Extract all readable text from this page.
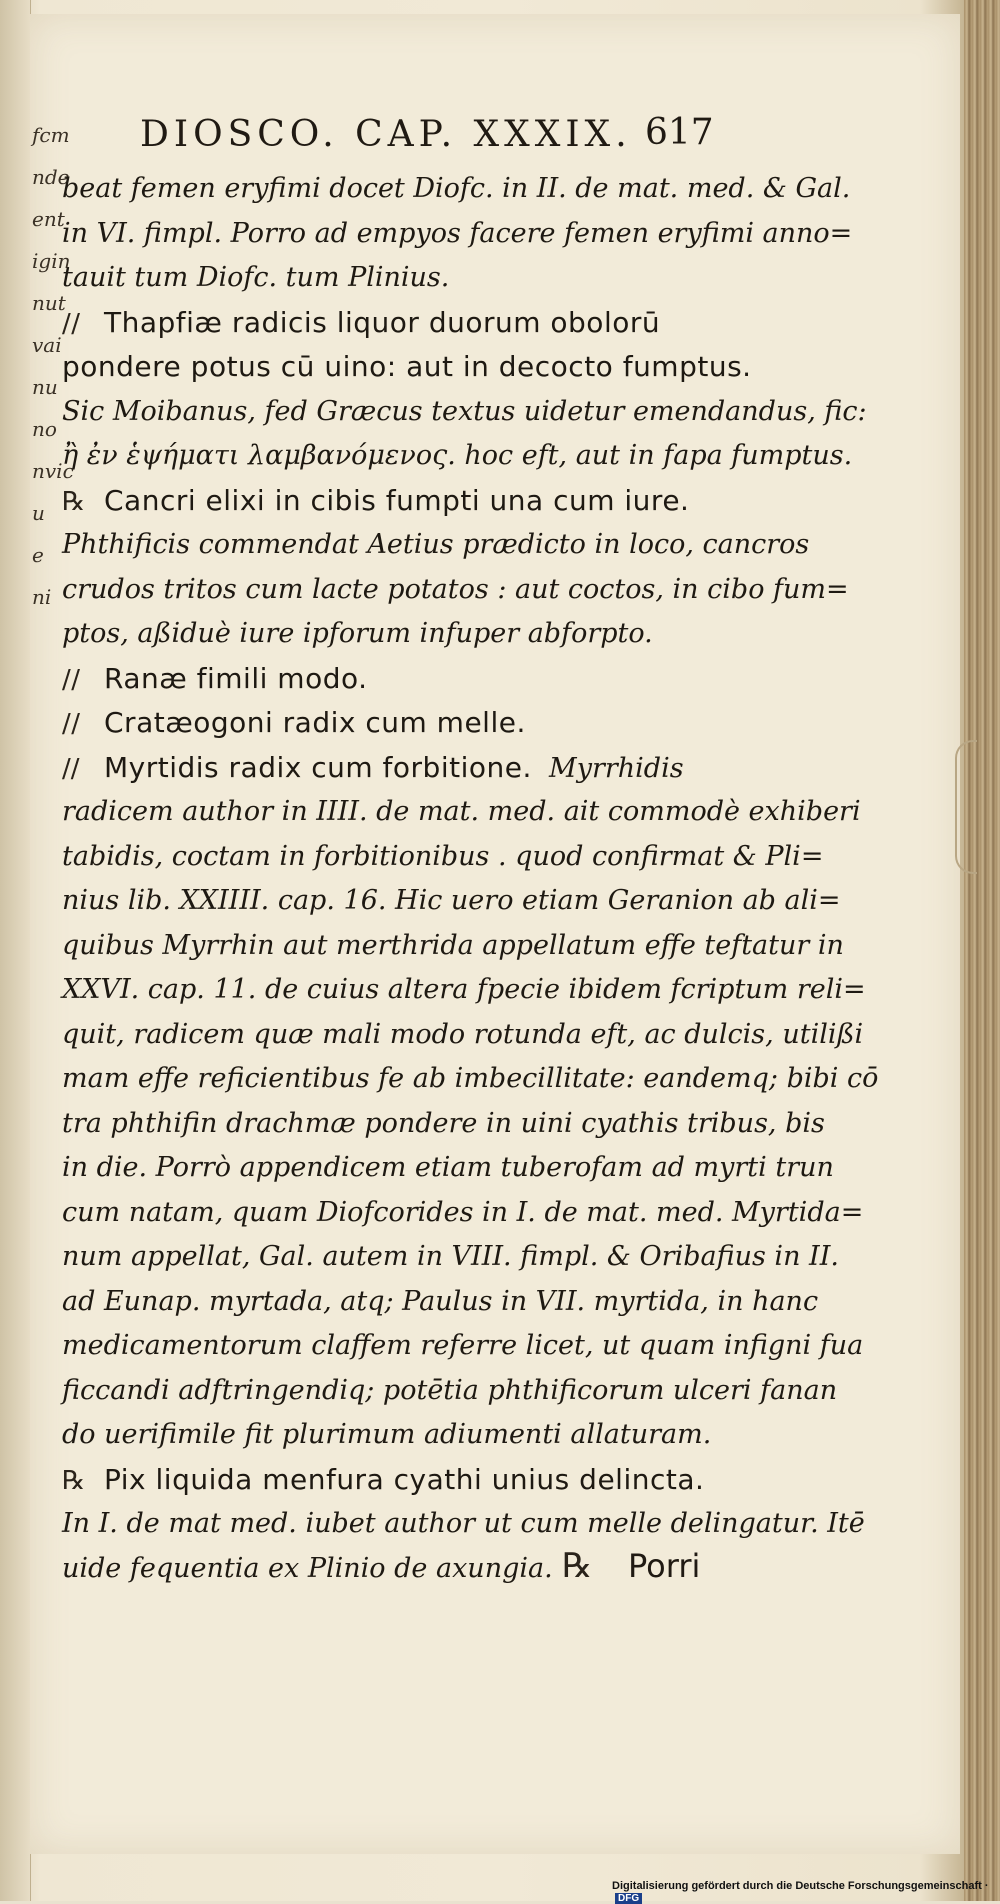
fcm
nde
ent
igin
nut
vai
nu
no
nvic
u
e
ni
DIOSCO. CAP. XXXIX. 617
beat femen eryfimi docet Diofc. in II. de mat. med. & Gal.
in VI. fimpl. Porro ad empyos facere femen eryfimi anno=
tauit tum Diofc. tum Plinius.
// Thapfiæ radicis liquor duorum obolorū
pondere potus cū uino: aut in decocto fumptus.
Sic Moibanus, fed Græcus textus uidetur emendandus, fic:
ἢ ἐν ἑψήματι λαμβανόμενος. hoc eft, aut in fapa fumptus.
℞ Cancri elixi in cibis fumpti una cum iure.
Phthificis commendat Aetius prædicto in loco, cancros
crudos tritos cum lacte potatos : aut coctos, in cibo fum=
ptos, aßiduè iure ipforum infuper abforpto.
// Ranæ fimili modo.
// Cratæogoni radix cum melle.
// Myrtidis radix cum forbitione. Myrrhidis
radicem author in IIII. de mat. med. ait commodè exhiberi
tabidis, coctam in forbitionibus . quod confirmat & Pli=
nius lib. XXIIII. cap. 16. Hic uero etiam Geranion ab ali=
quibus Myrrhin aut merthrida appellatum effe teftatur in
XXVI. cap. 11. de cuius altera fpecie ibidem fcriptum reli=
quit, radicem quæ mali modo rotunda eft, ac dulcis, utilißi
mam effe reficientibus fe ab imbecillitate: eandemq; bibi cō
tra phthifin drachmæ pondere in uini cyathis tribus, bis
in die. Porrò appendicem etiam tuberofam ad myrti trun
cum natam, quam Diofcorides in I. de mat. med. Myrtida=
num appellat, Gal. autem in VIII. fimpl. & Oribafius in II.
ad Eunap. myrtada, atq; Paulus in VII. myrtida, in hanc
medicamentorum claffem referre licet, ut quam infigni fua
ficcandi adftringendiq; potētia phthificorum ulceri fanan
do uerifimile fit plurimum adiumenti allaturam.
℞ Pix liquida menfura cyathi unius delincta.
In I. de mat med. iubet author ut cum melle delingatur. Itē
uide fequentia ex Plinio de axungia. ℞ Porri
Digitalisierung gefördert durch die Deutsche Forschungsgemeinschaft · DFG
